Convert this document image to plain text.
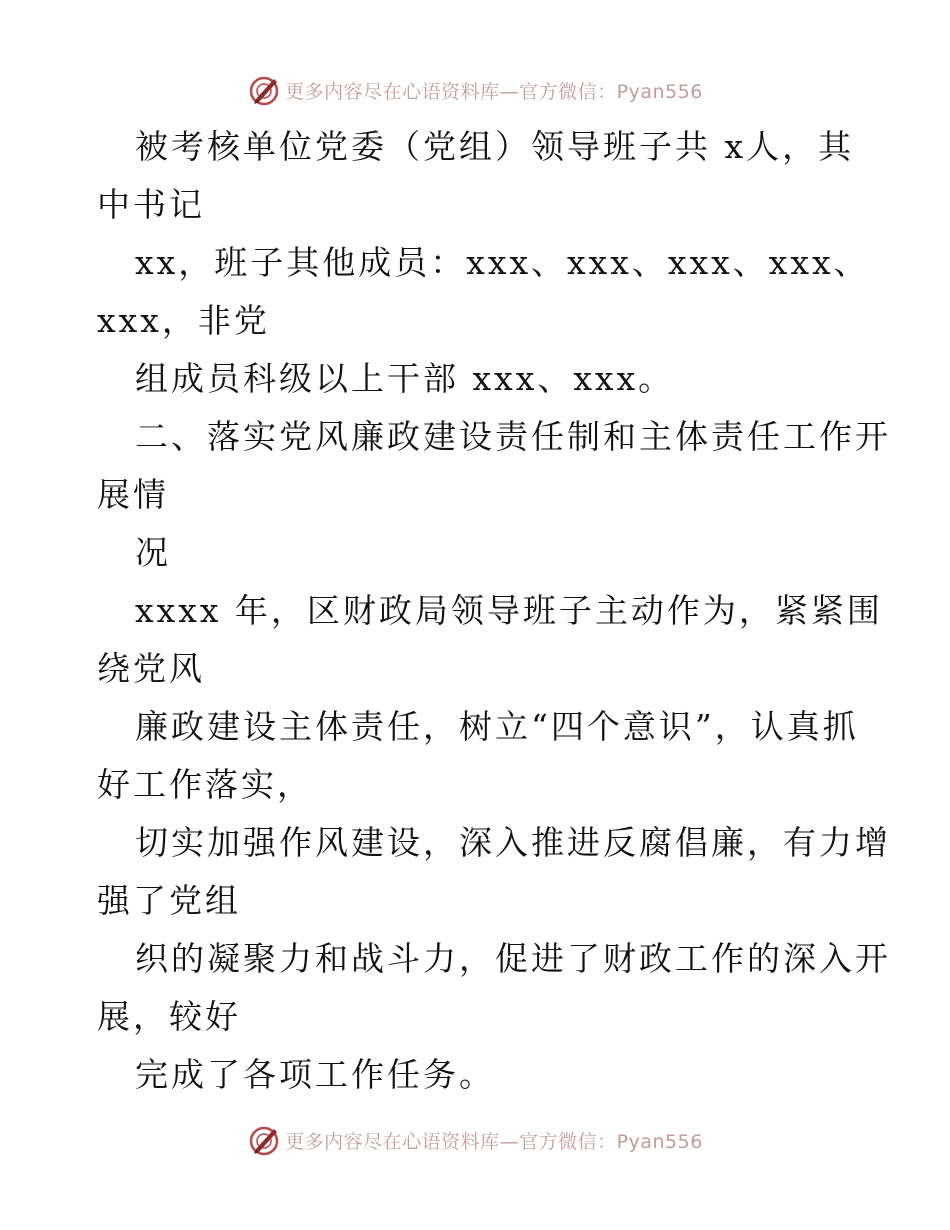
更多内容尽在心语资料库—官方微信：Pyan556
被考核单位党委（党组）领导班子共 x人，其
中书记
xx，班子其他成员：xxx、xxx、xxx、xxx、
xxx，非党
组成员科级以上干部 xxx、xxx。
二、落实党风廉政建设责任制和主体责任工作开
展情
况
xxxx 年，区财政局领导班子主动作为，紧紧围
绕党风
廉政建设主体责任，树立“四个意识”，认真抓
好工作落实，
切实加强作风建设，深入推进反腐倡廉，有力增
强了党组
织的凝聚力和战斗力，促进了财政工作的深入开
展，较好
完成了各项工作任务。
更多内容尽在心语资料库—官方微信：Pyan556
